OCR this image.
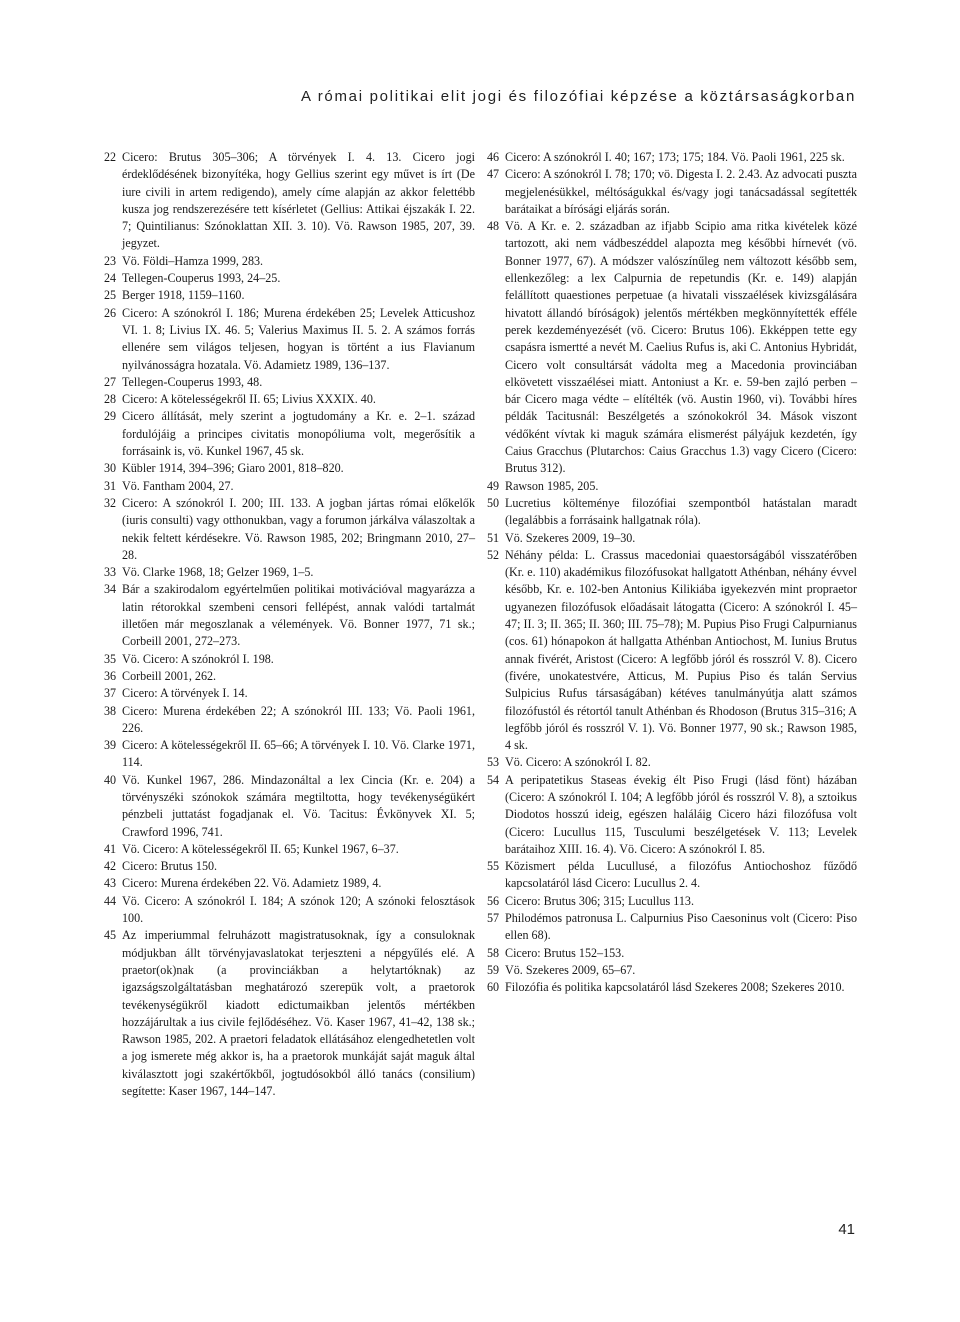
A római politikai elit jogi és filozófiai képzése a köztársaságkorban
22 Cicero: Brutus 305–306; A törvények I. 4. 13. Cicero jogi érdeklődésének bizonyítéka, hogy Gellius szerint egy művet is írt (De iure civili in artem redigendo), amely címe alapján az akkor felettébb kusza jog rendszerezésére tett kísérletet (Gellius: Attikai éjszakák I. 22. 7; Quintilianus: Szónoklattan XII. 3. 10). Vö. Rawson 1985, 207, 39. jegyzet.
23 Vö. Földi–Hamza 1999, 283.
24 Tellegen-Couperus 1993, 24–25.
25 Berger 1918, 1159–1160.
26 Cicero: A szónokról I. 186; Murena érdekében 25; Levelek Atticushoz VI. 1. 8; Livius IX. 46. 5; Valerius Maximus II. 5. 2. A számos forrás ellenére sem világos teljesen, hogyan is történt a ius Flavianum nyilvánosságra hozatala. Vö. Adamietz 1989, 136–137.
27 Tellegen-Couperus 1993, 48.
28 Cicero: A kötelességekről II. 65; Livius XXXIX. 40.
29 Cicero állítását, mely szerint a jogtudomány a Kr. e. 2–1. század fordulójáig a principes civitatis monopóliuma volt, megerősítik a forrásaink is, vö. Kunkel 1967, 45 sk.
30 Kübler 1914, 394–396; Giaro 2001, 818–820.
31 Vö. Fantham 2004, 27.
32 Cicero: A szónokról I. 200; III. 133. A jogban jártas római előkelők (iuris consulti) vagy otthonukban, vagy a forumon járkálva válaszoltak a nekik feltett kérdésekre. Vö. Rawson 1985, 202; Bringmann 2010, 27–28.
33 Vö. Clarke 1968, 18; Gelzer 1969, 1–5.
34 Bár a szakirodalom egyértelműen politikai motivációval magyarázza a latin rétorokkal szembeni censori fellépést, annak valódi tartalmát illetően már megoszlanak a vélemények. Vö. Bonner 1977, 71 sk.; Corbeill 2001, 272–273.
35 Vö. Cicero: A szónokról I. 198.
36 Corbeill 2001, 262.
37 Cicero: A törvények I. 14.
38 Cicero: Murena érdekében 22; A szónokról III. 133; Vö. Paoli 1961, 226.
39 Cicero: A kötelességekről II. 65–66; A törvények I. 10. Vö. Clarke 1971, 114.
40 Vö. Kunkel 1967, 286. Mindazonáltal a lex Cincia (Kr. e. 204) a törvényszéki szónokok számára megtiltotta, hogy tevékenységükért pénzbeli juttatást fogadjanak el. Vö. Tacitus: Évkönyvek XI. 5; Crawford 1996, 741.
41 Vö. Cicero: A kötelességekről II. 65; Kunkel 1967, 6–37.
42 Cicero: Brutus 150.
43 Cicero: Murena érdekében 22. Vö. Adamietz 1989, 4.
44 Vö. Cicero: A szónokról I. 184; A szónok 120; A szónoki felosztások 100.
45 Az imperiummal felruházott magistratusoknak, így a consuloknak módjukban állt törvényjavaslatokat terjeszteni a népgyűlés elé. A praetor(ok)nak (a provinciákban a helytartóknak) az igazságszolgáltatásban meghatározó szerepük volt, a praetorok tevékenységükről kiadott edictumaikban jelentős mértékben hozzájárultak a ius civile fejlődéséhez. Vö. Kaser 1967, 41–42, 138 sk.; Rawson 1985, 202. A praetori feladatok ellátásához elengedhetetlen volt a jog ismerete még akkor is, ha a praetorok munkáját saját maguk által kiválasztott jogi szakértőkből, jogtudósokból álló tanács (consilium) segítette: Kaser 1967, 144–147.
46 Cicero: A szónokról I. 40; 167; 173; 175; 184. Vö. Paoli 1961, 225 sk.
47 Cicero: A szónokról I. 78; 170; vö. Digesta I. 2. 2.43. Az advocati puszta megjelenésükkel, méltóságukkal és/vagy jogi tanácsadással segítették barátaikat a bírósági eljárás során.
48 Vö. A Kr. e. 2. században az ifjabb Scipio ama ritka kivételek közé tartozott, aki nem vádbeszéddel alapozta meg későbbi hírnevét (vö. Bonner 1977, 67). A módszer valószínűleg nem változott később sem, ellenkezőleg: a lex Calpurnia de repetundis (Kr. e. 149) alapján felállított quaestiones perpetuae (a hivatali visszaélések kivizsgálására hivatott állandó bíróságok) jelentős mértékben megkönnyítették efféle perek kezdeményezését (vö. Cicero: Brutus 106). Ekképpen tette egy csapásra ismertté a nevét M. Caelius Rufus is, aki C. Antonius Hybridát, Cicero volt consultársát vádolta meg a Macedonia provinciában elkövetett visszaélései miatt. Antoniust a Kr. e. 59-ben zajló perben – bár Cicero maga védte – elítélték (vö. Austin 1960, vi). További híres példák Tacitusnál: Beszélgetés a szónokokról 34. Mások viszont védőként vívtak ki maguk számára elismerést pályájuk kezdetén, így Caius Gracchus (Plutarchos: Caius Gracchus 1.3) vagy Cicero (Cicero: Brutus 312).
49 Rawson 1985, 205.
50 Lucretius költeménye filozófiai szempontból hatástalan maradt (legalábbis a forrásaink hallgatnak róla).
51 Vö. Szekeres 2009, 19–30.
52 Néhány példa: L. Crassus macedoniai quaestorságából visszatérőben (Kr. e. 110) akadémikus filozófusokat hallgatott Athénban, néhány évvel később, Kr. e. 102-ben Antonius Kilikiába igyekezvén mint propraetor ugyanezen filozófusok előadásait látogatta (Cicero: A szónokról I. 45–47; II. 3; II. 365; II. 360; III. 75–78); M. Pupius Piso Frugi Calpurnianus (cos. 61) hónapokon át hallgatta Athénban Antiochost, M. Iunius Brutus annak fivérét, Aristost (Cicero: A legfőbb jóról és rosszról V. 8). Cicero (fivére, unokatestvére, Atticus, M. Pupius Piso és talán Servius Sulpicius Rufus társaságában) kétéves tanulmányútja alatt számos filozófustól és rétortól tanult Athénban és Rhodoson (Brutus 315–316; A legfőbb jóról és rosszról V. 1). Vö. Bonner 1977, 90 sk.; Rawson 1985, 4 sk.
53 Vö. Cicero: A szónokról I. 82.
54 A peripatetikus Staseas évekig élt Piso Frugi (lásd fönt) házában (Cicero: A szónokról I. 104; A legfőbb jóról és rosszról V. 8), a sztoikus Diodotos hosszú ideig, egészen haláláig Cicero házi filozófusa volt (Cicero: Lucullus 115, Tusculumi beszélgetések V. 113; Levelek barátaihoz XIII. 16. 4). Vö. Cicero: A szónokról I. 85.
55 Közismert példa Lucullusé, a filozófus Antiochoshoz fűződő kapcsolatáról lásd Cicero: Lucullus 2. 4.
56 Cicero: Brutus 306; 315; Lucullus 113.
57 Philodémos patronusa L. Calpurnius Piso Caesoninus volt (Cicero: Piso ellen 68).
58 Cicero: Brutus 152–153.
59 Vö. Szekeres 2009, 65–67.
60 Filozófia és politika kapcsolatáról lásd Szekeres 2008; Szekeres 2010.
41
